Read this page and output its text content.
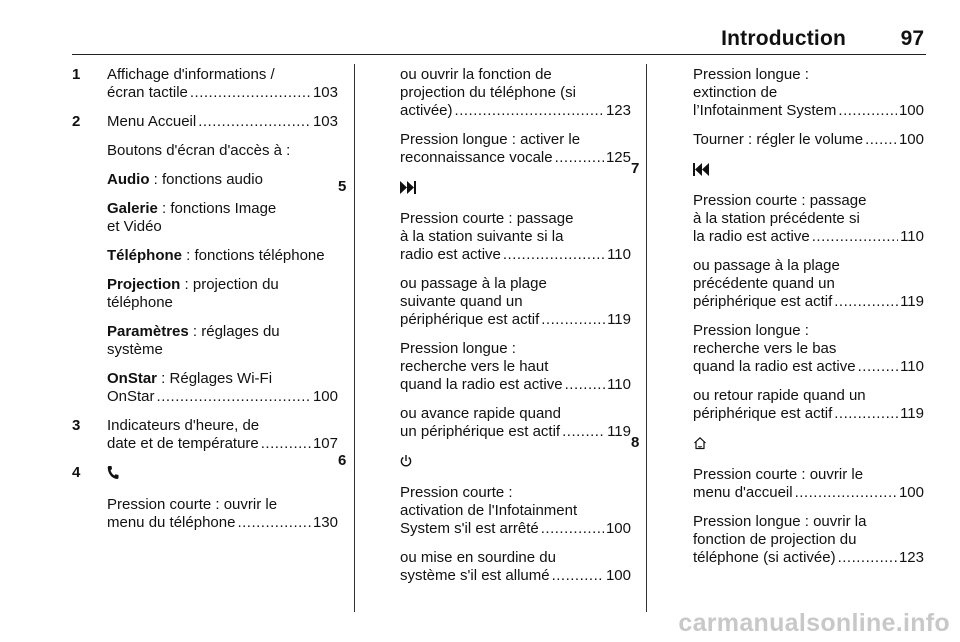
Introduction	97
1 Affichage d'informations /
écran tactile .....	103
2 Menu Accueil .....	103
Boutons d'écran d'accès à :
Audio : fonctions audio
Galerie : fonctions Image
et Vidéo
Téléphone : fonctions téléphone
Projection : projection du
téléphone
Paramètres : réglages du
système
OnStar : Réglages Wi-Fi
OnStar .....	100
3 Indicateurs d'heure, de
date et de température .....	107
4
Pression courte : ouvrir le
menu du téléphone .....	130
ou ouvrir la fonction de
projection du téléphone (si
activée) .....	123
Pression longue : activer le
reconnaissance vocale .....	125
5
Pression courte : passage
à la station suivante si la
radio est active .....	110
ou passage à la plage
suivante quand un
périphérique est actif .....	119
Pression longue :
recherche vers le haut
quand la radio est active .....	110
ou avance rapide quand
un périphérique est actif .....	119
6
Pression courte :
activation de l'Infotainment
System s'il est arrêté .....	100
ou mise en sourdine du
système s'il est allumé .....	100
Pression longue :
extinction de
l’Infotainment System .....	100
Tourner : régler le volume ..... 100
7
Pression courte : passage
à la station précédente si
la radio est active .....	110
ou passage à la plage
précédente quand un
périphérique est actif .....	119
Pression longue :
recherche vers le bas
quand la radio est active .....	110
ou retour rapide quand un
périphérique est actif .....	119
8
Pression courte : ouvrir le
menu d'accueil .....	100
Pression longue : ouvrir la
fonction de projection du
téléphone (si activée) .....	123
carmanualsonline.info
